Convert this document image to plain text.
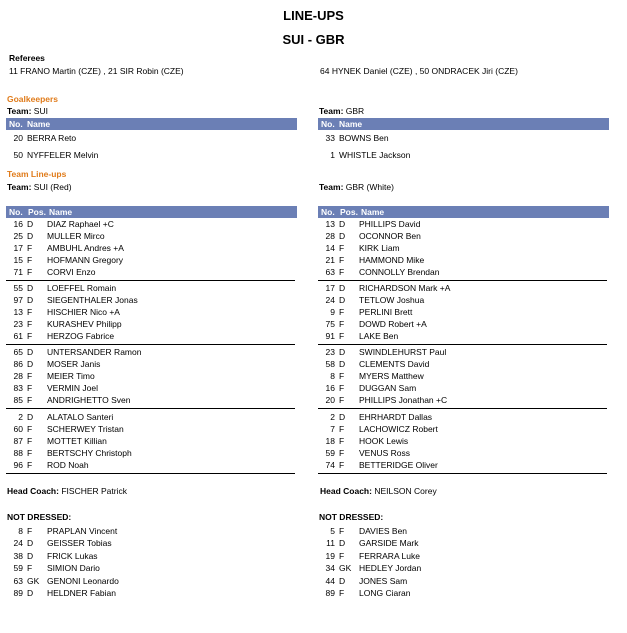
LINE-UPS
SUI - GBR
Referees
11 FRANO Martin (CZE) , 21 SIR Robin (CZE)	64 HYNEK Daniel (CZE) , 50 ONDRACEK Jiri (CZE)
Goalkeepers
Team: SUI	Team: GBR
No. Name	No. Name
20 BERRA Reto
50 NYFFELER Melvin
33 BOWNS Ben
1 WHISTLE Jackson
Team Line-ups
Team: SUI (Red)	Team: GBR (White)
No. Pos. Name	No. Pos. Name
16 D DIAZ Raphael +C
25 D MULLER Mirco
17 F AMBUHL Andres +A
15 F HOFMANN Gregory
71 F CORVI Enzo
55 D LOEFFEL Romain
97 D SIEGENTHALER Jonas
13 F HISCHIER Nico +A
23 F KURASHEV Philipp
61 F HERZOG Fabrice
65 D UNTERSANDER Ramon
86 D MOSER Janis
28 F MEIER Timo
83 F VERMIN Joel
85 F ANDRIGHETTO Sven
2 D ALATALO Santeri
60 F SCHERWEY Tristan
87 F MOTTET Killian
88 F BERTSCHY Christoph
96 F ROD Noah
13 D PHILLIPS David
28 D OCONNOR Ben
14 F KIRK Liam
21 F HAMMOND Mike
63 F CONNOLLY Brendan
17 D RICHARDSON Mark +A
24 D TETLOW Joshua
9 F PERLINI Brett
75 F DOWD Robert +A
91 F LAKE Ben
23 D SWINDLEHURST Paul
58 D CLEMENTS David
8 F MYERS Matthew
16 F DUGGAN Sam
20 F PHILLIPS Jonathan +C
2 D EHRHARDT Dallas
7 F LACHOWICZ Robert
18 F HOOK Lewis
59 F VENUS Ross
74 F BETTERIDGE Oliver
Head Coach: FISCHER Patrick	Head Coach: NEILSON Corey
NOT DRESSED:	NOT DRESSED:
8 F PRAPLAN Vincent
24 D GEISSER Tobias
38 D FRICK Lukas
59 F SIMION Dario
63 GK GENONI Leonardo
89 D HELDNER Fabian
5 F DAVIES Ben
11 D GARSIDE Mark
19 F FERRARA Luke
34 GK HEDLEY Jordan
44 D JONES Sam
89 F LONG Ciaran
